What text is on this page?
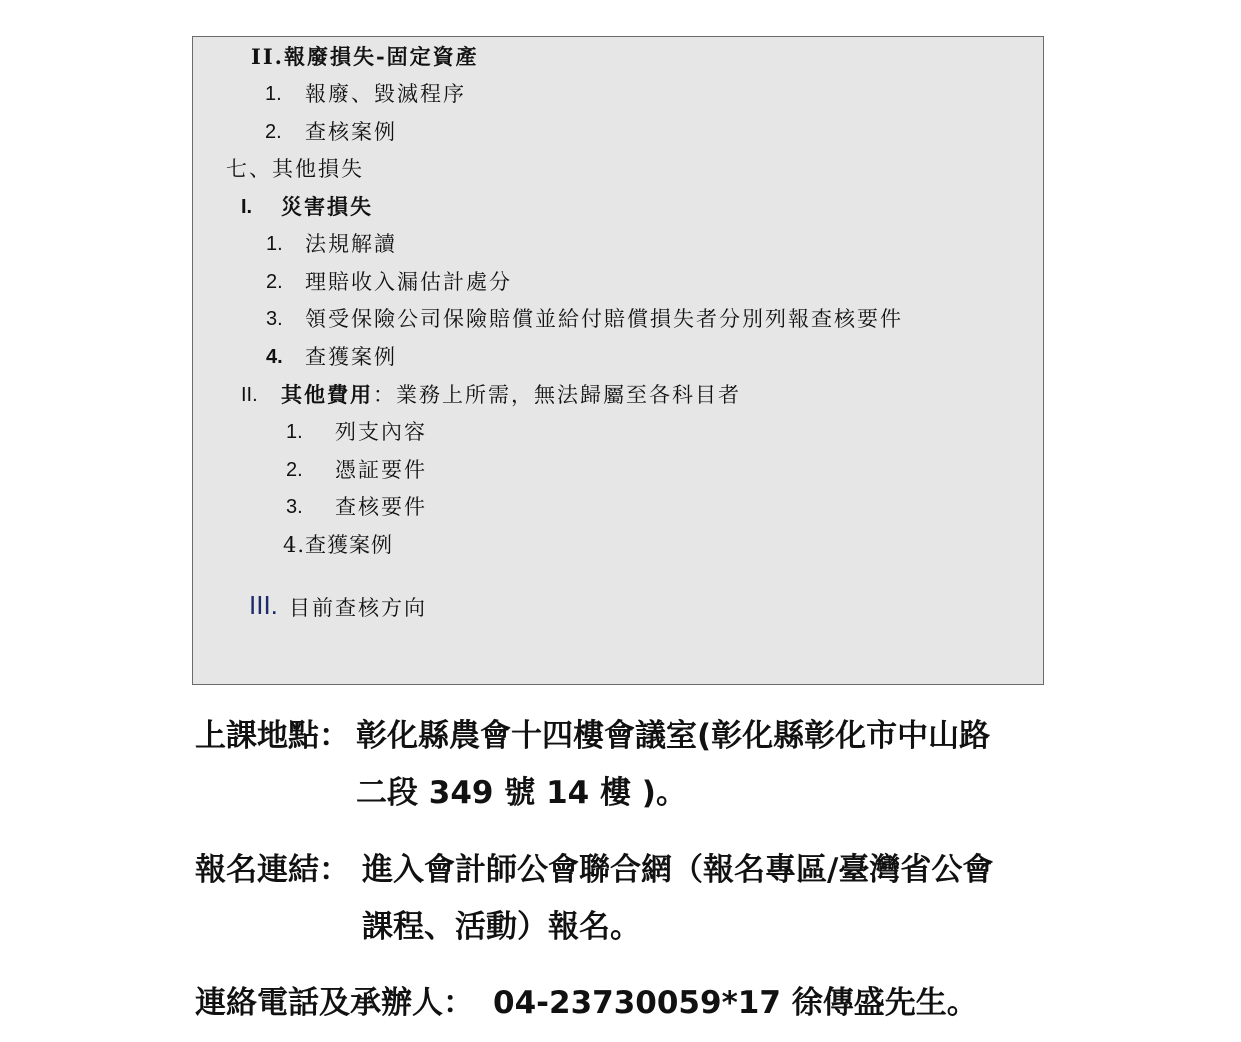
II.報廢損失-固定資產
1. 報廢、毀滅程序
2. 查核案例
七、其他損失
I. 災害損失
1. 法規解讀
2. 理賠收入漏估計處分
3. 領受保險公司保險賠償並給付賠償損失者分別列報查核要件
4. 查獲案例
II. 其他費用：業務上所需，無法歸屬至各科目者
1. 列支內容
2. 憑証要件
3. 查核要件
4.查獲案例
III. 目前查核方向
上課地點： 彰化縣農會十四樓會議室(彰化縣彰化市中山路
二段 349 號 14 樓 )。
報名連結： 進入會計師公會聯合網（報名專區/臺灣省公會
課程、活動）報名。
連絡電話及承辦人： 04-23730059*17 徐傳盛先生。
